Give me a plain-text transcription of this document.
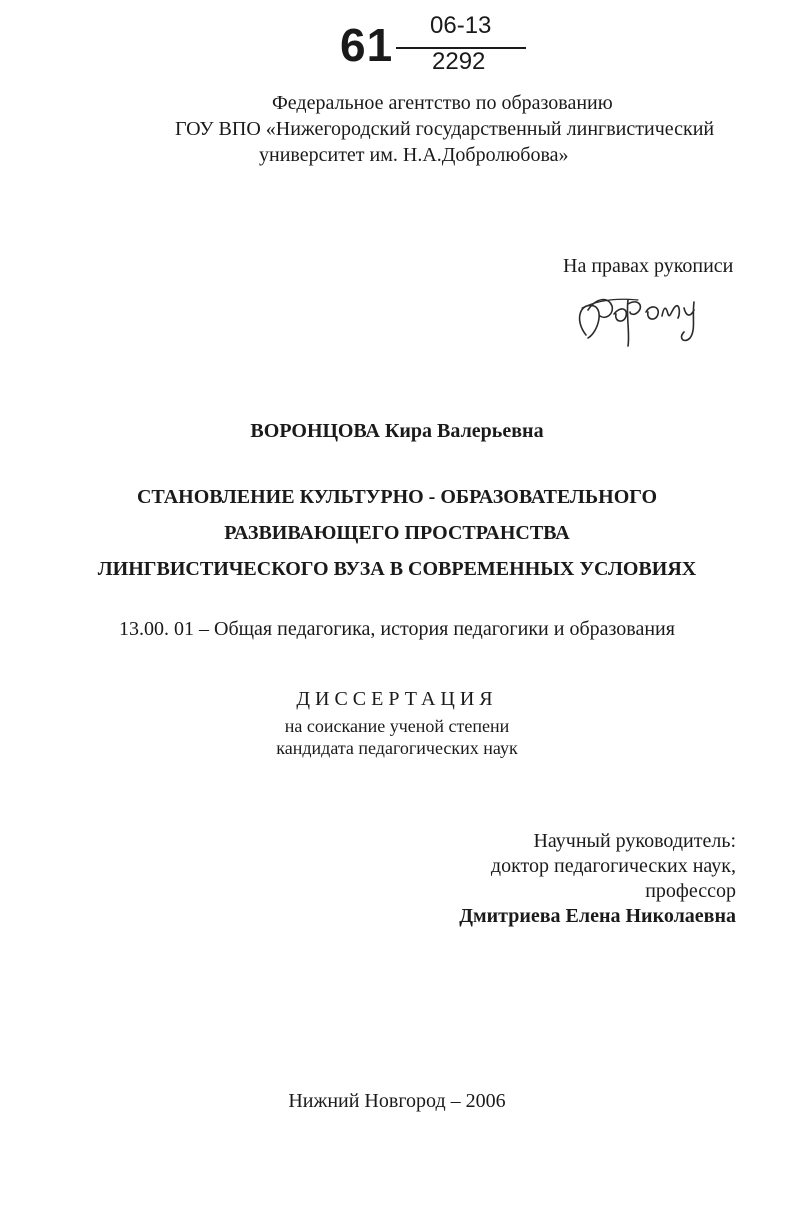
61 06-13
2292
Федеральное агентство по образованию
ГОУ ВПО «Нижегородский государственный лингвистический
университет им. Н.А.Добролюбова»
На правах рукописи
ВОРОНЦОВА Кира Валерьевна
СТАНОВЛЕНИЕ КУЛЬТУРНО - ОБРАЗОВАТЕЛЬНОГО
РАЗВИВАЮЩЕГО ПРОСТРАНСТВА
ЛИНГВИСТИЧЕСКОГО ВУЗА В СОВРЕМЕННЫХ УСЛОВИЯХ
13.00. 01 – Общая педагогика, история педагогики и образования
ДИССЕРТАЦИЯ
на соискание ученой степени
кандидата педагогических наук
Научный руководитель:
доктор педагогических наук,
профессор
Дмитриева Елена Николаевна
Нижний Новгород – 2006
